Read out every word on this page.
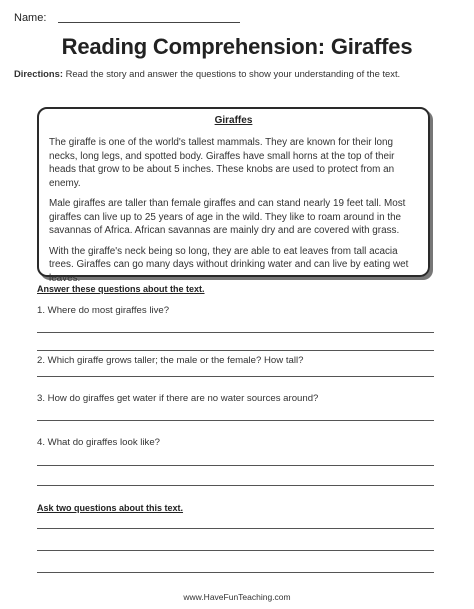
Name:
Reading Comprehension: Giraffes
Directions: Read the story and answer the questions to show your understanding of the text.
Giraffes

The giraffe is one of the world's tallest mammals. They are known for their long necks, long legs, and spotted body. Giraffes have small horns at the top of their heads that grow to be about 5 inches. These knobs are used to protect from an enemy.

Male giraffes are taller than female giraffes and can stand nearly 19 feet tall. Most giraffes can live up to 25 years of age in the wild. They like to roam around in the savannas of Africa. African savannas are mainly dry and are covered with grass.

With the giraffe's neck being so long, they are able to eat leaves from tall acacia trees. Giraffes can go many days without drinking water and can live by eating wet leaves.

Answer these questions about the text.
1. Where do most giraffes live?
2. Which giraffe grows taller; the male or the female? How tall?
3. How do giraffes get water if there are no water sources around?
4. What do giraffes look like?
Ask two questions about this text.
www.HaveFunTeaching.com
